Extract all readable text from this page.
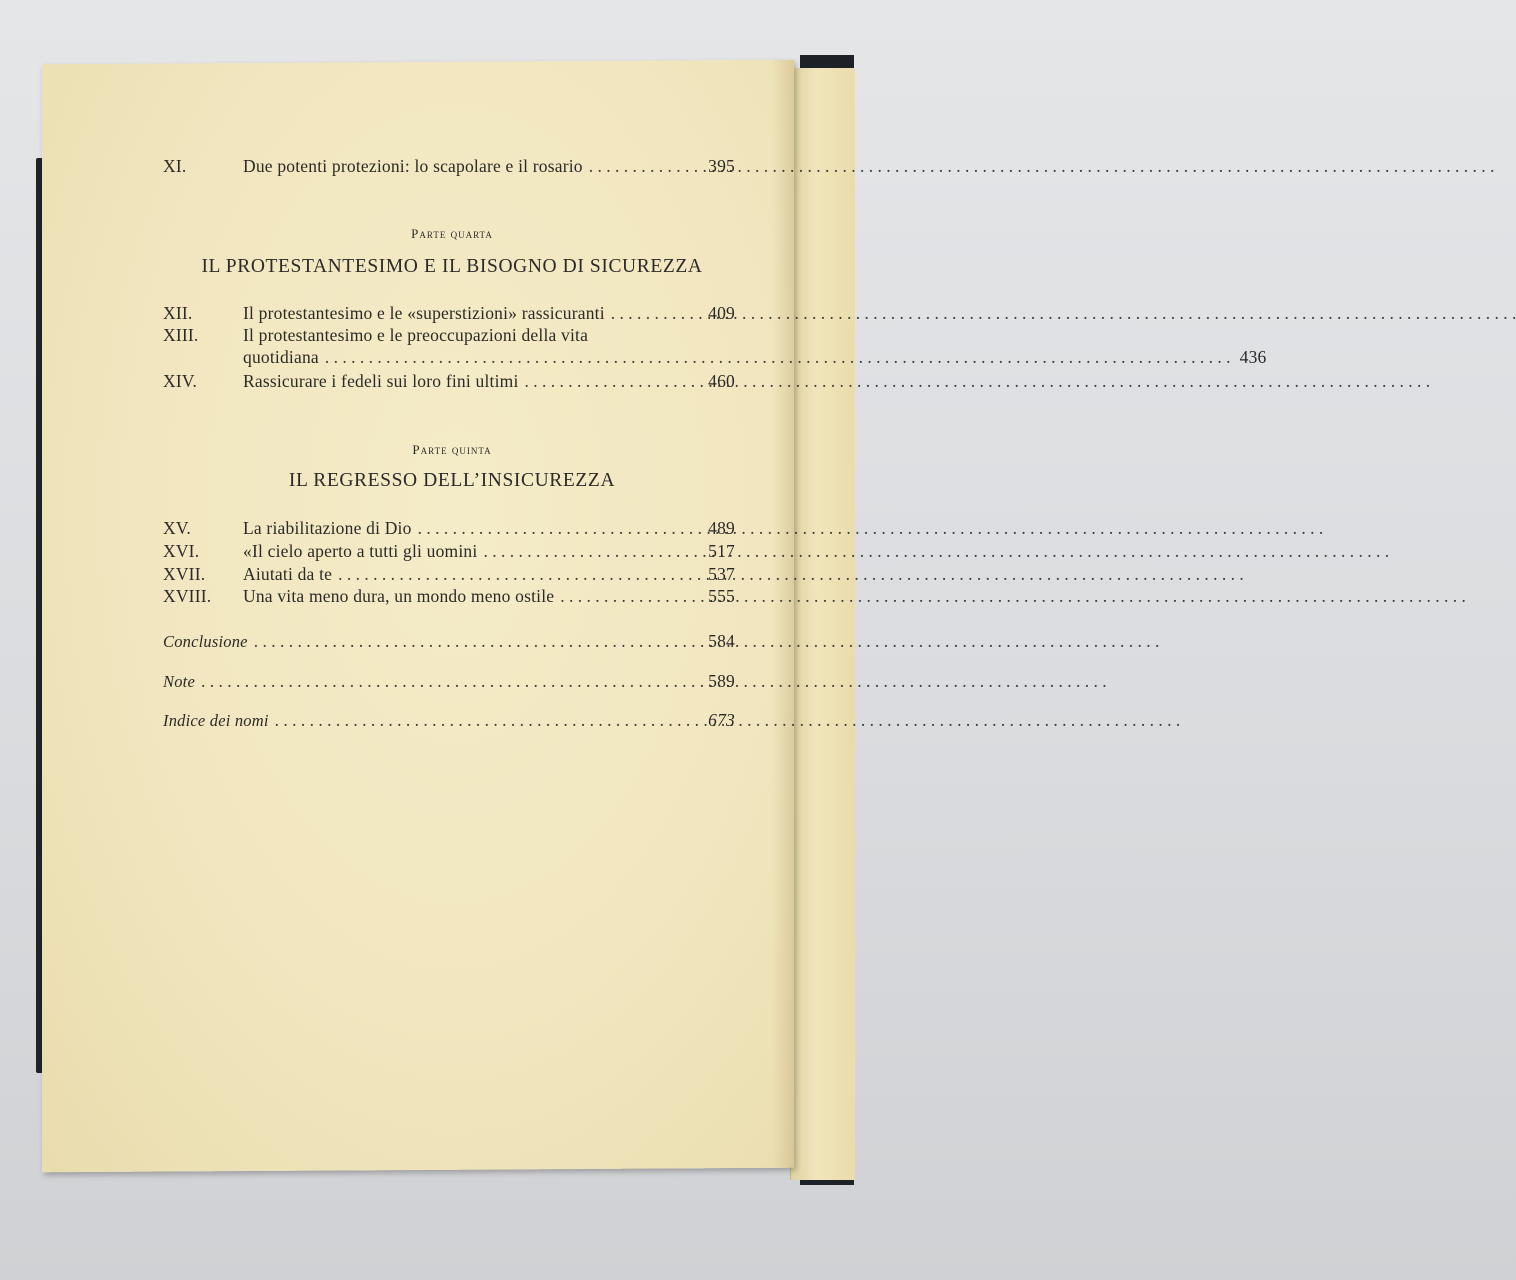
XI.	Due potenti protezioni: lo scapolare e il rosario . . .	395
Parte quarta
IL PROTESTANTESIMO E IL BISOGNO DI SICUREZZA
XII.	Il protestantesimo e le «superstizioni» rassicuranti . . .	409
XIII.	Il protestantesimo e le preoccupazioni della vita
quotidiana . . .	436
XIV.	Rassicurare i fedeli sui loro fini ultimi . . .	460
Parte quinta
IL REGRESSO DELL’INSICUREZZA
XV.	La riabilitazione di Dio . . .	489
XVI.	«Il cielo aperto a tutti gli uomini . . .	517
XVII.	Aiutati da te . . .	537
XVIII.	Una vita meno dura, un mondo meno ostile . . .	555
Conclusione . . .	584
Note . . .	589
Indice dei nomi . . .	673
